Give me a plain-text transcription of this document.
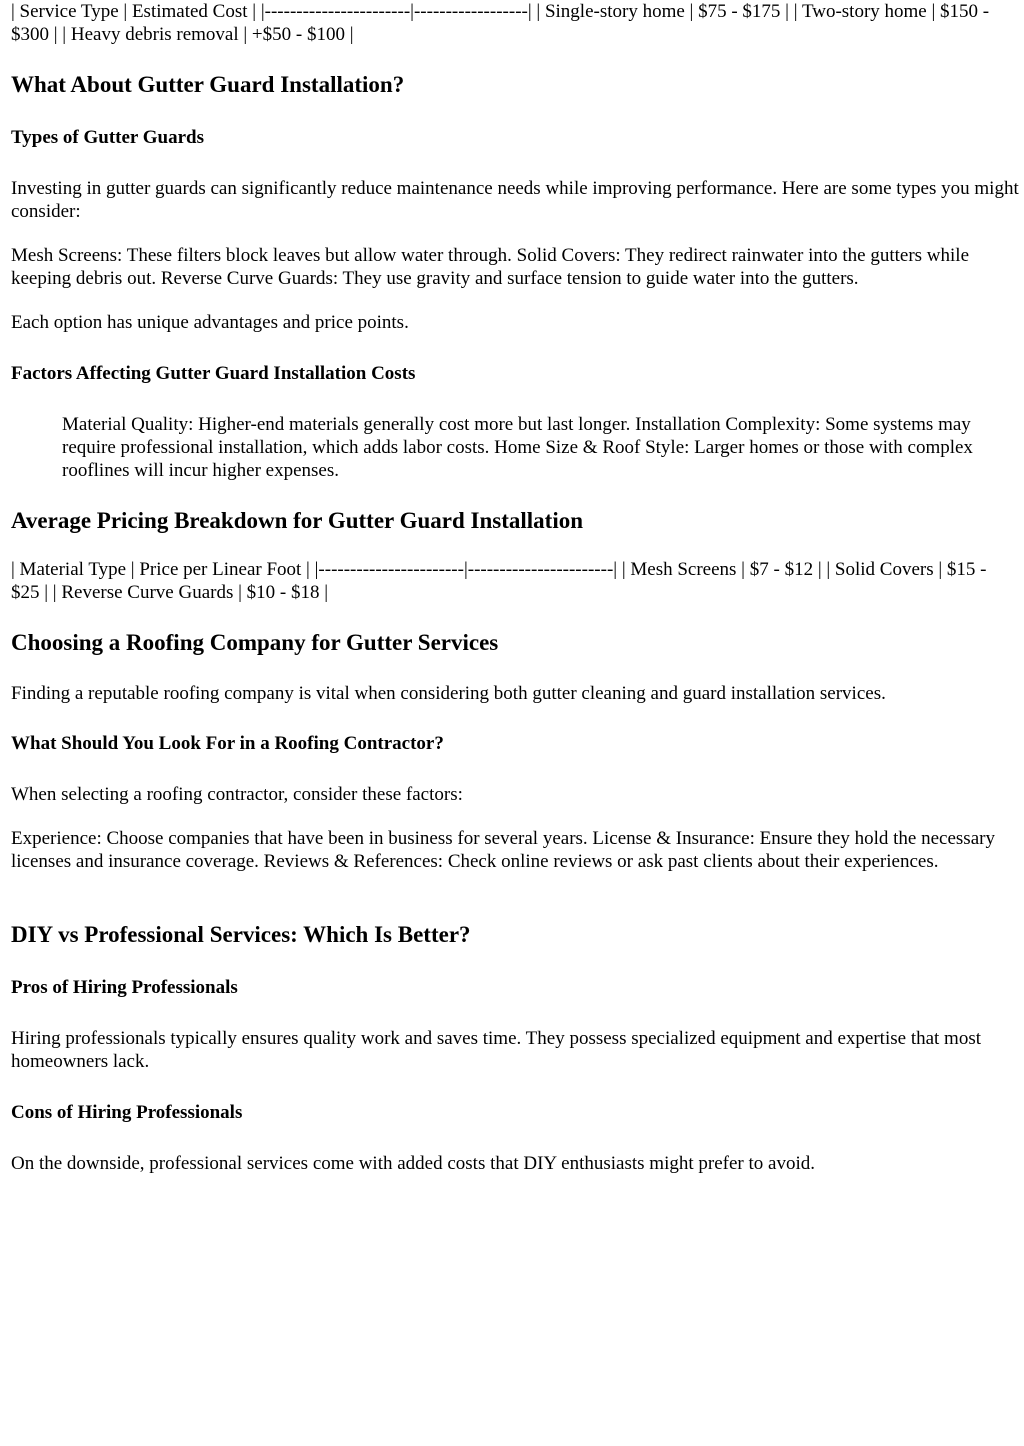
| Service Type | Estimated Cost | |-----------------------|------------------| | Single-story home | $75 - $175 | | Two-story home | $150 - $300 | | Heavy debris removal | +$50 - $100 |

What About Gutter Guard Installation?
Types of Gutter Guards

Investing in gutter guards can significantly reduce maintenance needs while improving performance. Here are some types you might consider:

Mesh Screens: These filters block leaves but allow water through. Solid Covers: They redirect rainwater into the gutters while keeping debris out. Reverse Curve Guards: They use gravity and surface tension to guide water into the gutters.

Each option has unique advantages and price points.

Factors Affecting Gutter Guard Installation Costs

Material Quality: Higher-end materials generally cost more but last longer. Installation Complexity: Some systems may require professional installation, which adds labor costs. Home Size & Roof Style: Larger homes or those with complex rooflines will incur higher expenses.

Average Pricing Breakdown for Gutter Guard Installation

| Material Type | Price per Linear Foot | |-----------------------|-----------------------| | Mesh Screens | $7 - $12 | | Solid Covers | $15 - $25 | | Reverse Curve Guards | $10 - $18 |

Choosing a Roofing Company for Gutter Services

Finding a reputable roofing company is vital when considering both gutter cleaning and guard installation services.

What Should You Look For in a Roofing Contractor?

When selecting a roofing contractor, consider these factors:

Experience: Choose companies that have been in business for several years. License & Insurance: Ensure they hold the necessary licenses and insurance coverage. Reviews & References: Check online reviews or ask past clients about their experiences.

DIY vs Professional Services: Which Is Better?
Pros of Hiring Professionals

Hiring professionals typically ensures quality work and saves time. They possess specialized equipment and expertise that most homeowners lack.

Cons of Hiring Professionals

On the downside, professional services come with added costs that DIY enthusiasts might prefer to avoid.
